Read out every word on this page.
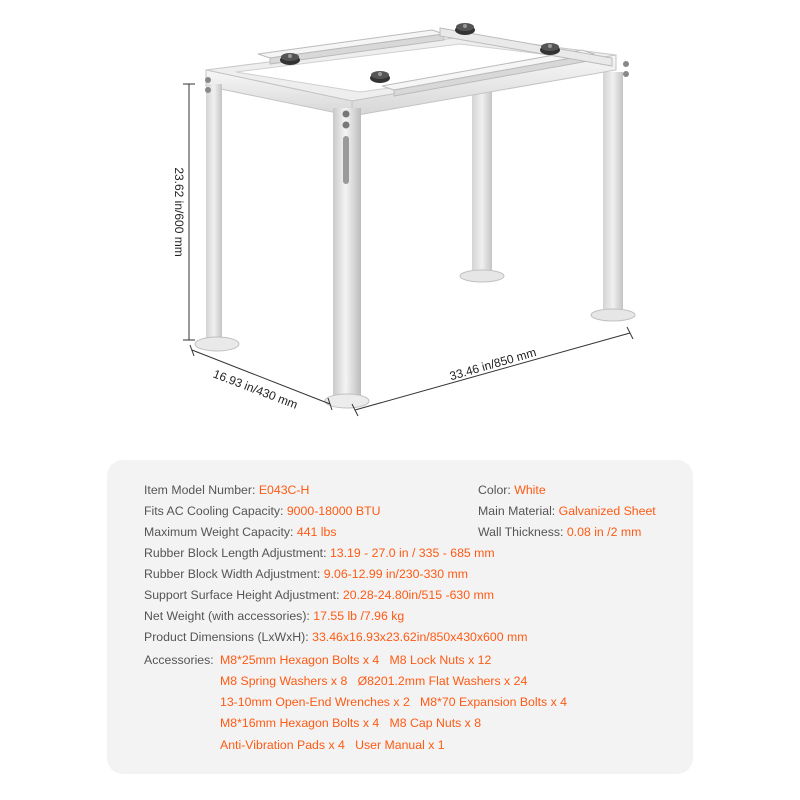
23.62 in/600 mm
16.93 in/430 mm
33.46 in/850 mm
Item Model Number: E043C-H	Color: White
Fits AC Cooling Capacity: 9000-18000 BTU	Main Material: Galvanized Sheet
Maximum Weight Capacity: 441 lbs	Wall Thickness: 0.08 in /2 mm
Rubber Block Length Adjustment: 13.19 - 27.0 in / 335 - 685 mm
Rubber Block Width Adjustment: 9.06-12.99 in/230-330 mm
Support Surface Height Adjustment: 20.28-24.80in/515 -630 mm
Net Weight (with accessories): 17.55 lb /7.96 kg
Product Dimensions (LxWxH): 33.46x16.93x23.62in/850x430x600 mm
Accessories: M8*25mm Hexagon Bolts x 4   M8 Lock Nuts x 12
M8 Spring Washers x 8   Ø8201.2mm Flat Washers x 24
13-10mm Open-End Wrenches x 2   M8*70 Expansion Bolts x 4
M8*16mm Hexagon Bolts x 4   M8 Cap Nuts x 8
Anti-Vibration Pads x 4   User Manual x 1
